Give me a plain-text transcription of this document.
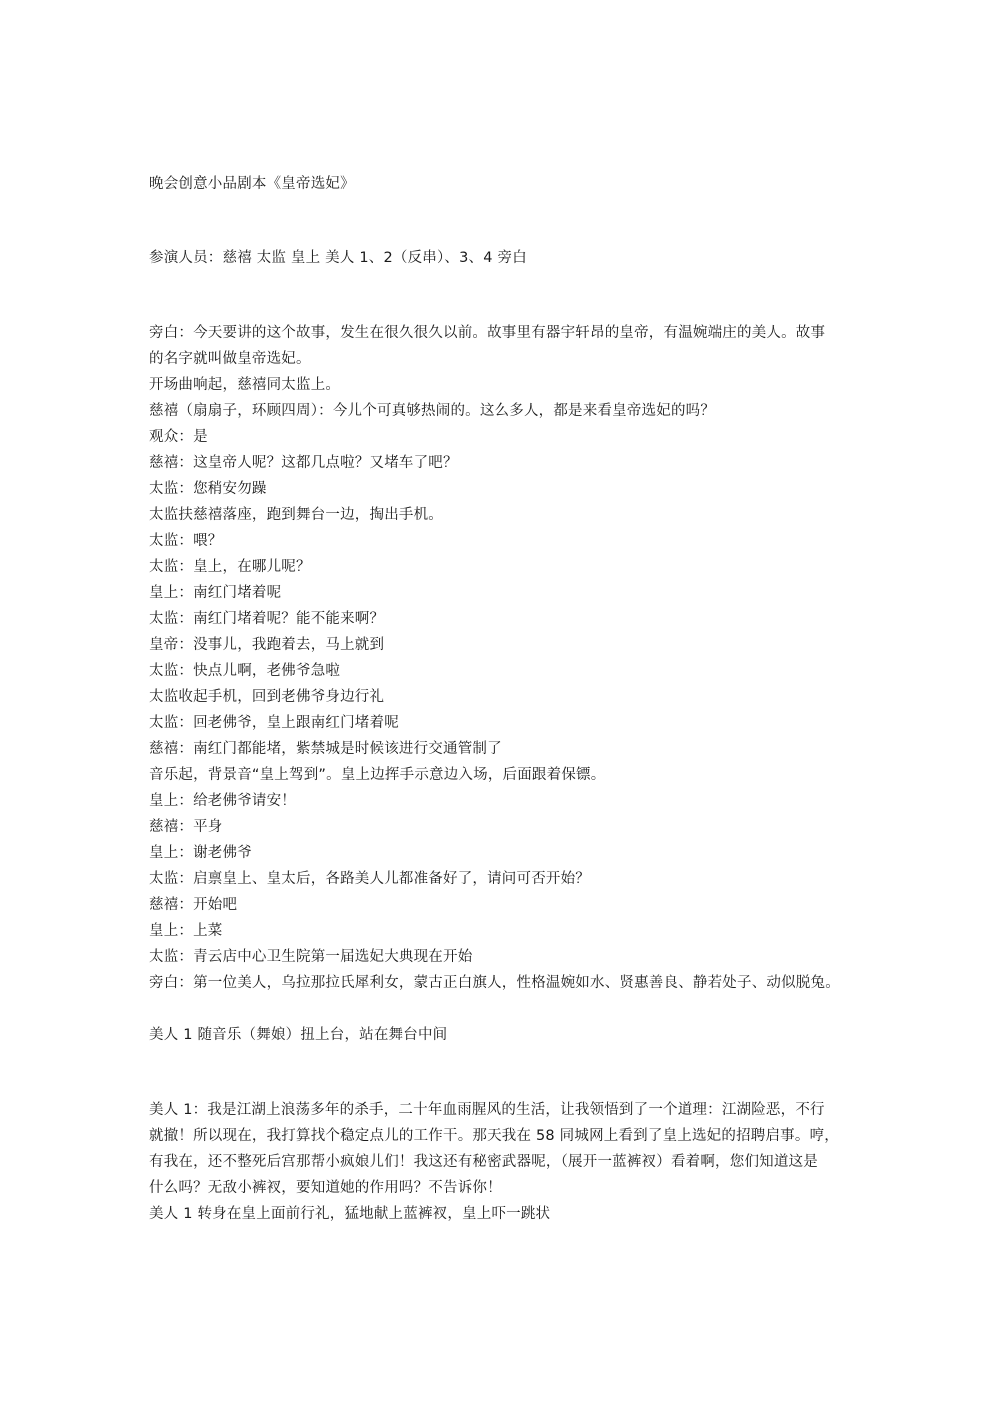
晚会创意小品剧本《皇帝选妃》
参演人员：慈禧 太监 皇上 美人 1、2（反串）、3、4 旁白
旁白：今天要讲的这个故事，发生在很久很久以前。故事里有器宇轩昂的皇帝，有温婉端庄的美人。故事
的名字就叫做皇帝选妃。
开场曲响起，慈禧同太监上。
慈禧（扇扇子，环顾四周）：今儿个可真够热闹的。这么多人，都是来看皇帝选妃的吗？
观众：是
慈禧：这皇帝人呢？这都几点啦？又堵车了吧？
太监：您稍安勿躁
太监扶慈禧落座，跑到舞台一边，掏出手机。
太监：喂？
太监：皇上，在哪儿呢？
皇上：南红门堵着呢
太监：南红门堵着呢？能不能来啊？
皇帝：没事儿，我跑着去，马上就到
太监：快点儿啊，老佛爷急啦
太监收起手机，回到老佛爷身边行礼
太监：回老佛爷，皇上跟南红门堵着呢
慈禧：南红门都能堵，紫禁城是时候该进行交通管制了
音乐起，背景音“皇上驾到”。皇上边挥手示意边入场，后面跟着保镖。
皇上：给老佛爷请安！
慈禧：平身
皇上：谢老佛爷
太监：启禀皇上、皇太后，各路美人儿都准备好了，请问可否开始？
慈禧：开始吧
皇上：上菜
太监：青云店中心卫生院第一届选妃大典现在开始
旁白：第一位美人，乌拉那拉氏犀利女，蒙古正白旗人，性格温婉如水、贤惠善良、静若处子、动似脱兔。
美人 1 随音乐（舞娘）扭上台，站在舞台中间
美人 1：我是江湖上浪荡多年的杀手，二十年血雨腥风的生活，让我领悟到了一个道理：江湖险恶，不行
就撤！所以现在，我打算找个稳定点儿的工作干。那天我在 58 同城网上看到了皇上选妃的招聘启事。哼，
有我在，还不整死后宫那帮小疯娘儿们！我这还有秘密武器呢，（展开一蓝裤衩）看着啊，您们知道这是
什么吗？无敌小裤衩，要知道她的作用吗？不告诉你！
美人 1 转身在皇上面前行礼，猛地献上蓝裤衩，皇上吓一跳状
